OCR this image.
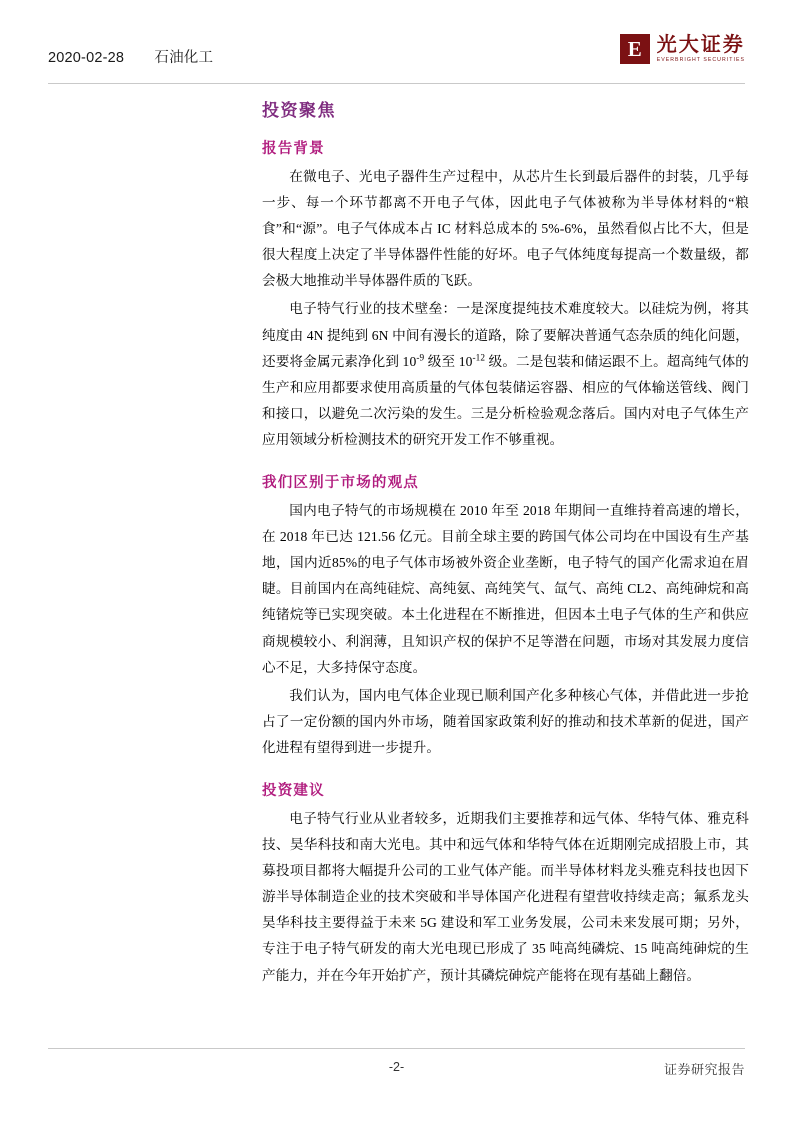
2020-02-28 石油化工	E 光大证券
EVERBRIGHT SECURITIES
投资聚焦
报告背景

在微电子、光电子器件生产过程中，从芯片生长到最后器件的封装，几乎每一步、每一个环节都离不开电子气体，因此电子气体被称为半导体材料的“粮食”和“源”。电子气体成本占 IC 材料总成本的 5%-6%，虽然看似占比不大，但是很大程度上决定了半导体器件性能的好坏。电子气体纯度每提高一个数量级，都会极大地推动半导体器件质的飞跃。

电子特气行业的技术壁垒：一是深度提纯技术难度较大。以硅烷为例，将其纯度由 4N 提纯到 6N 中间有漫长的道路，除了要解决普通气态杂质的纯化问题，还要将金属元素净化到 $10^{-9}$ 级至 $10^{-12}$ 级。二是包装和储运跟不上。超高纯气体的生产和应用都要求使用高质量的气体包装储运容器、相应的气体输送管线、阀门和接口，以避免二次污染的发生。三是分析检验观念落后。国内对电子气体生产应用领域分析检测技术的研究开发工作不够重视。

我们区别于市场的观点

国内电子特气的市场规模在 2010 年至 2018 年期间一直维持着高速的增长，在 2018 年已达 121.56 亿元。目前全球主要的跨国气体公司均在中国设有生产基地，国内近85%的电子气体市场被外资企业垄断，电子特气的国产化需求迫在眉睫。目前国内在高纯硅烷、高纯氨、高纯笑气、氙气、高纯 CL2、高纯砷烷和高纯锗烷等已实现突破。本土化进程在不断推进，但因本土电子气体的生产和供应商规模较小、利润薄，且知识产权的保护不足等潜在问题，市场对其发展力度信心不足，大多持保守态度。

我们认为，国内电气体企业现已顺利国产化多种核心气体，并借此进一步抢占了一定份额的国内外市场，随着国家政策利好的推动和技术革新的促进，国产化进程有望得到进一步提升。

投资建议

电子特气行业从业者较多，近期我们主要推荐和远气体、华特气体、雅克科技、昊华科技和南大光电。其中和远气体和华特气体在近期刚完成招股上市，其募投项目都将大幅提升公司的工业气体产能。而半导体材料龙头雅克科技也因下游半导体制造企业的技术突破和半导体国产化进程有望营收持续走高；氟系龙头昊华科技主要得益于未来 5G 建设和军工业务发展，公司未来发展可期；另外，专注于电子特气研发的南大光电现已形成了 35 吨高纯磷烷、15 吨高纯砷烷的生产能力，并在今年开始扩产，预计其磷烷砷烷产能将在现有基础上翻倍。

-2-	证券研究报告
